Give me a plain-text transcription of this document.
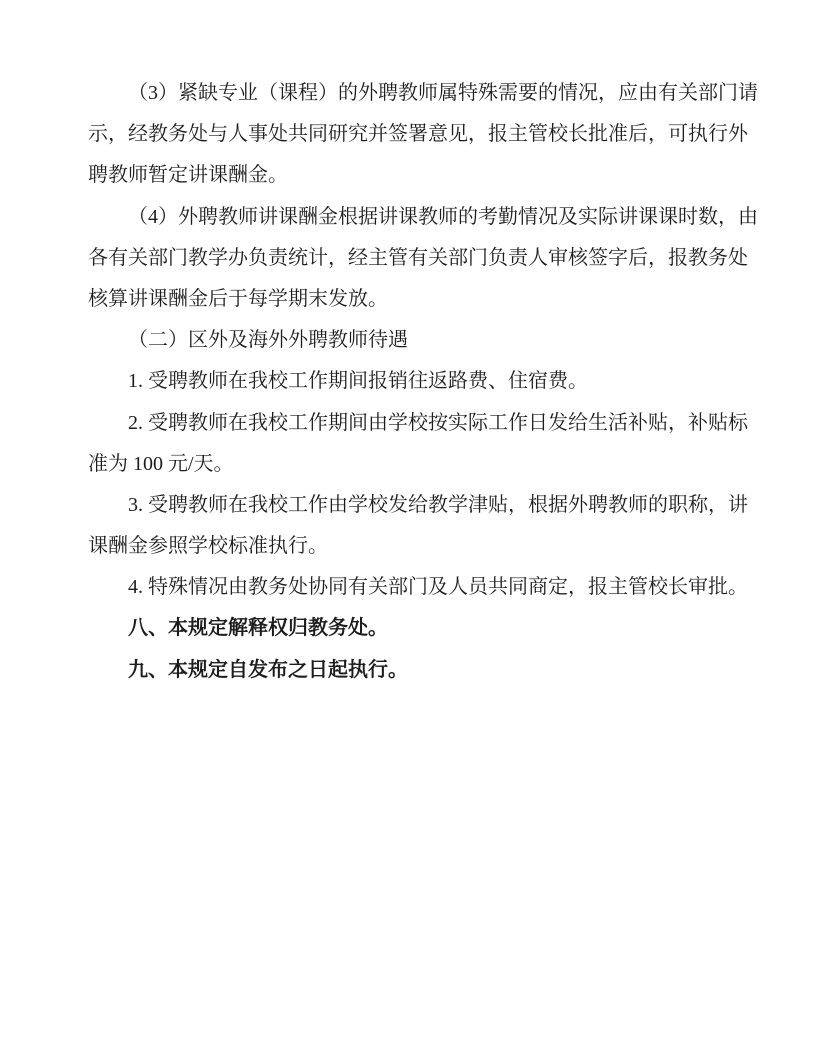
（3）紧缺专业（课程）的外聘教师属特殊需要的情况，应由有关部门请
示，经教务处与人事处共同研究并签署意见，报主管校长批准后，可执行外
聘教师暂定讲课酬金。
（4）外聘教师讲课酬金根据讲课教师的考勤情况及实际讲课课时数，由
各有关部门教学办负责统计，经主管有关部门负责人审核签字后，报教务处
核算讲课酬金后于每学期末发放。
（二）区外及海外外聘教师待遇
1. 受聘教师在我校工作期间报销往返路费、住宿费。
2. 受聘教师在我校工作期间由学校按实际工作日发给生活补贴，补贴标
准为 100 元/天。
3. 受聘教师在我校工作由学校发给教学津贴，根据外聘教师的职称，讲
课酬金参照学校标准执行。
4. 特殊情况由教务处协同有关部门及人员共同商定，报主管校长审批。
八、本规定解释权归教务处。
九、本规定自发布之日起执行。
